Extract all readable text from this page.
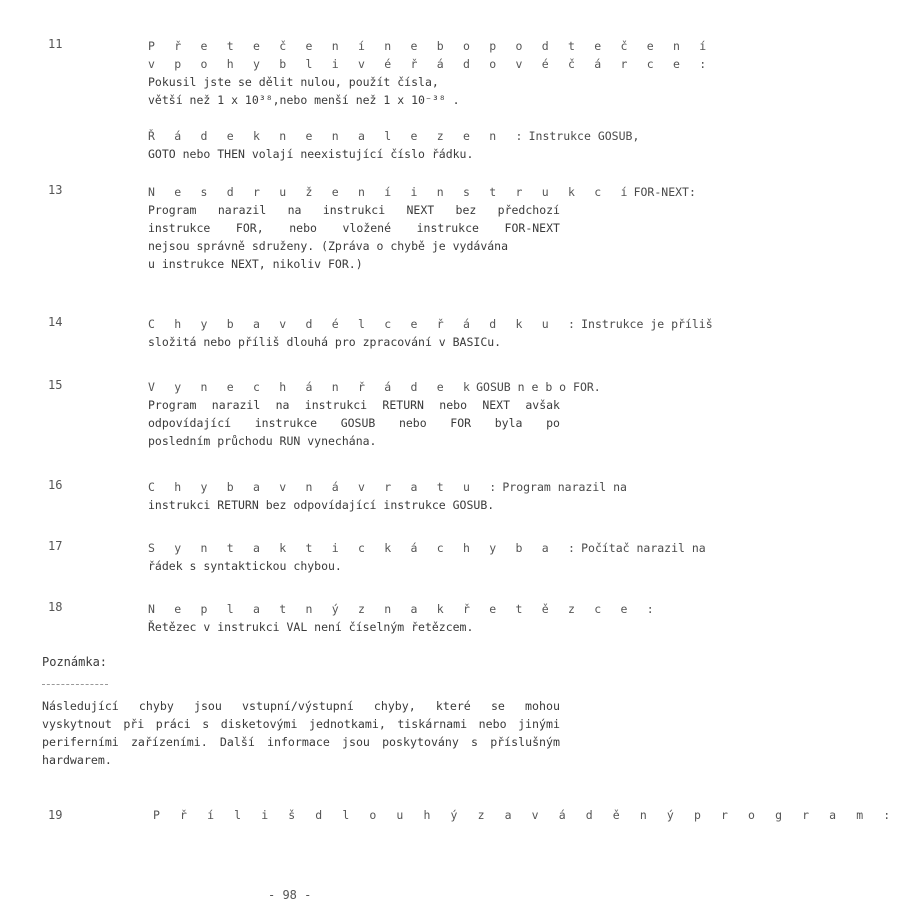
11	P ř e t e č e n í n e b o p o d t e č e n í
v p o h y b l i v é ř á d o v é č á r c e :
Pokusil jste se dělit nulou, použít čísla,
větší než 1 x 10³⁸,nebo menší než 1 x 10⁻³⁸ .
Ř á d e k n e n a l e z e n :Instrukce GOSUB,
GOTO nebo THEN volají neexistující číslo řádku.
13	N e s d r u ž e n í i n s t r u k c íFOR-NEXT:
Program narazil na instrukci NEXT bez předchozí
instrukce FOR, nebo vložené instrukce FOR-NEXT
nejsou správně sdruženy. (Zpráva o chybě je vydávána
u instrukce NEXT, nikoliv FOR.)
14	C h y b a v d é l c e ř á d k u :Instrukce je příliš
složitá nebo příliš dlouhá pro zpracování v BASICu.
15	V y n e c h á n ř á d e kGOSUB n e b o FOR.
Program narazil na instrukci RETURN nebo NEXT avšak
odpovídající instrukce GOSUB nebo FOR byla po
posledním průchodu RUN vynechána.
16	C h y b a v n á v r a t u :Program narazil na
instrukci RETURN bez odpovídající instrukce GOSUB.
17	S y n t a k t i c k á c h y b a :Počítač narazil na
řádek s syntaktickou chybou.
18	N e p l a t n ý z n a k ř e t ě z c e :
Řetězec v instrukci VAL není číselným řetězcem.
Poznámka:
Následující chyby jsou vstupní/výstupní chyby, které se mohou
vyskytnout při práci s disketovými jednotkami, tiskárnami nebo jinými
periferními zařízeními. Další informace jsou poskytovány s příslušným
hardwarem.
19	P ř í l i š d l o u h ý z a v á d ě n ý p r o g r a m :
- 98 -
